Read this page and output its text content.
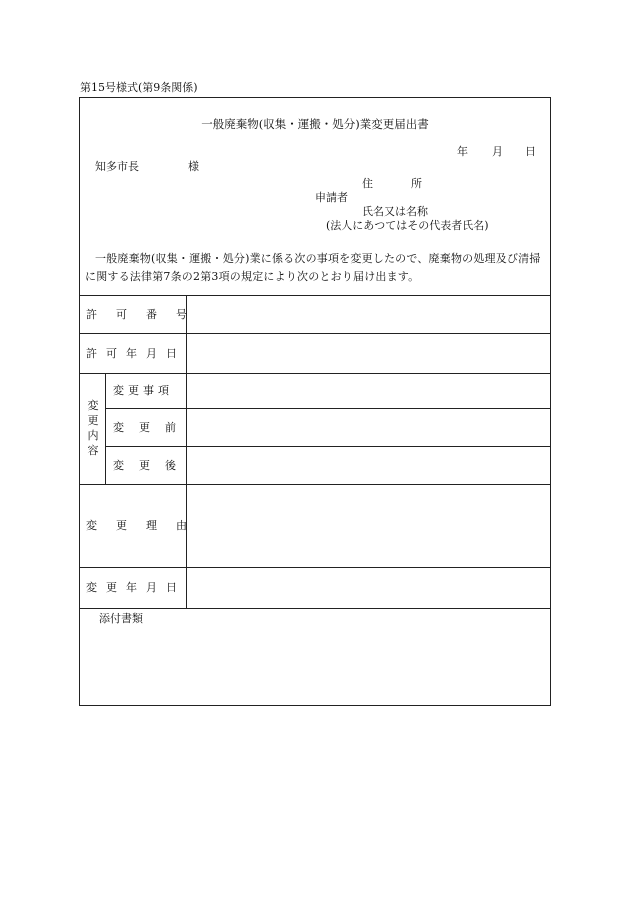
第15号様式(第9条関係)
一般廃棄物(収集・運搬・処分)業変更届出書
年 月 日
知多市長	様
住所
申請者
氏名又は名称
(法人にあつてはその代表者氏名)
一般廃棄物(収集・運搬・処分)業に係る次の事項を変更したので、廃棄物の処理及び清掃に関する法律第7条の2第3項の規定により次のとおり届け出ます。
許可番号
許可年月日
変更内容
変更事項
変更前
変更後
変更理由
変更年月日
添付書類
